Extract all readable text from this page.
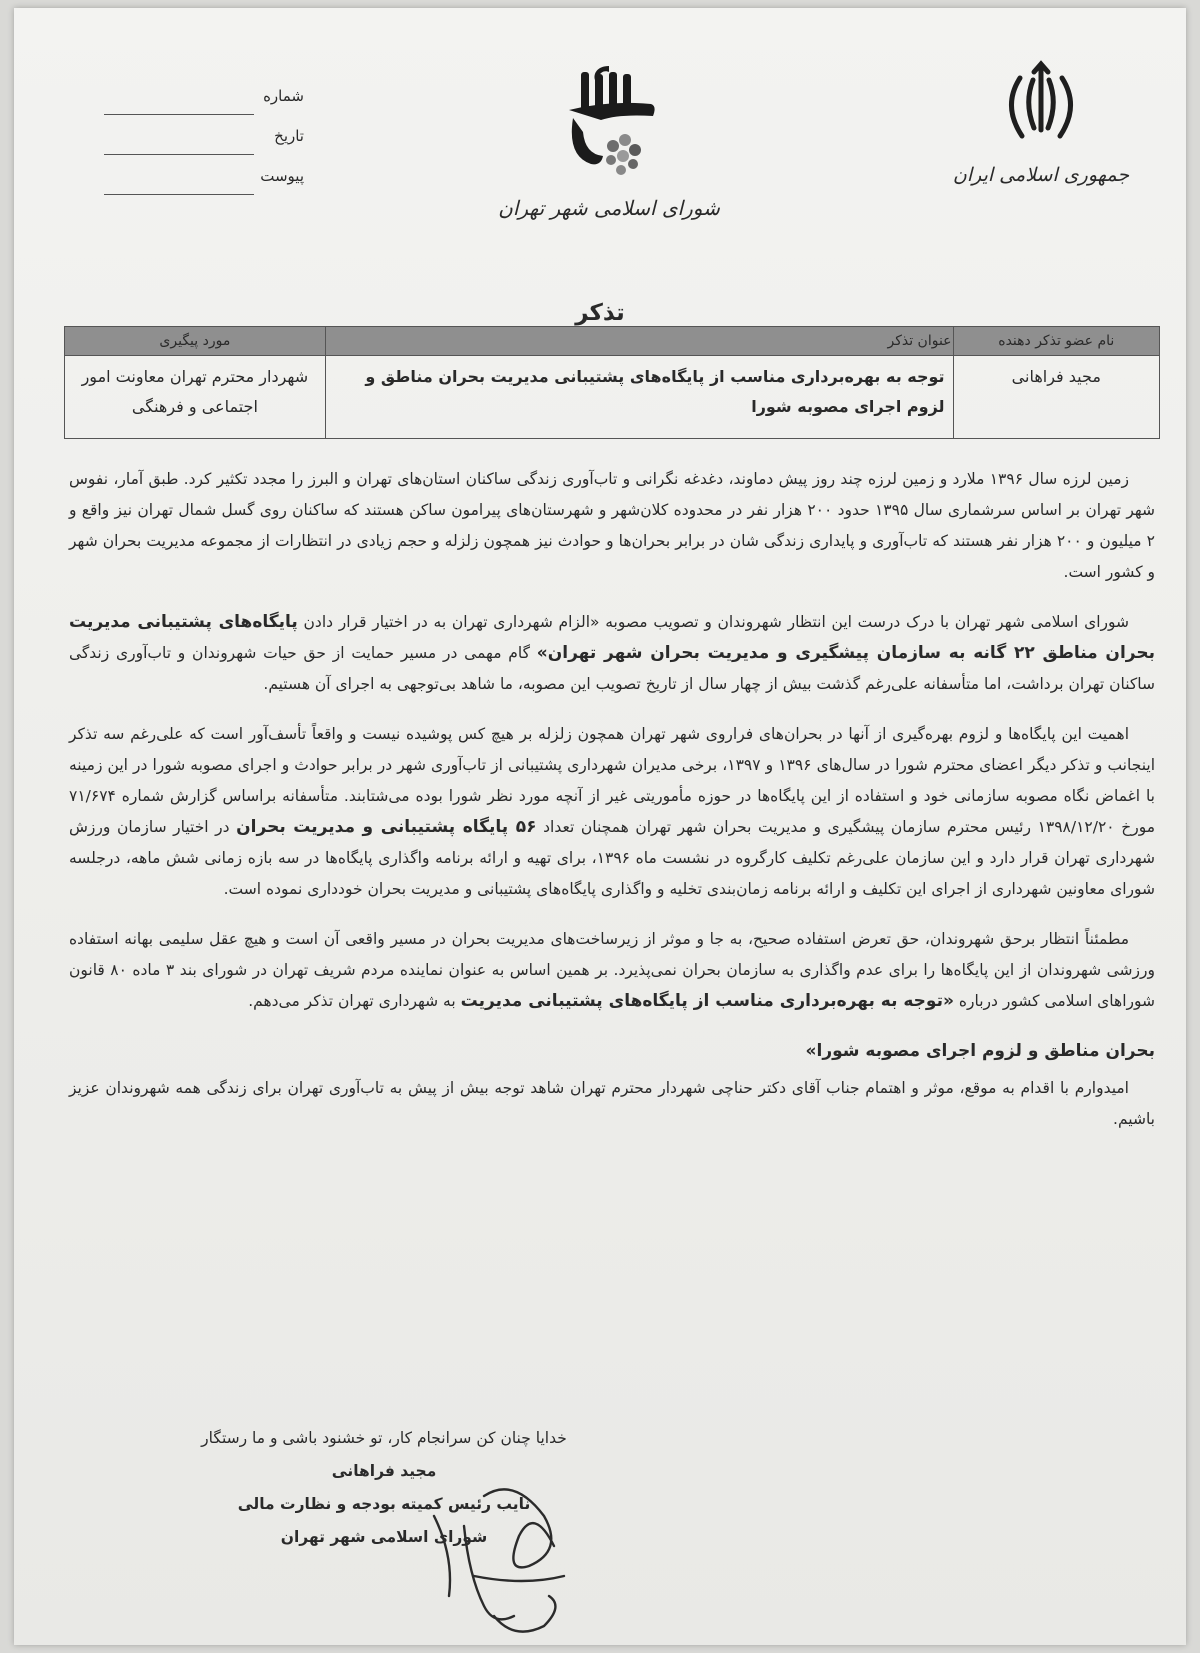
جمهوری اسلامی ایران
شورای اسلامی شهر تهران
شماره
تاریخ
پیوست
تذکر
نام عضو تذکر دهنده	عنوان تذکر	مورد پیگیری
مجید فراهانی	توجه به بهره‌برداری مناسب از پایگاه‌های پشتیبانی مدیریت بحران مناطق و لزوم اجرای مصوبه شورا	شهردار محترم تهران معاونت امور اجتماعی و فرهنگی

زمین لرزه سال ۱۳۹۶ ملارد و زمین لرزه چند روز پیش دماوند، دغدغه نگرانی و تاب‌آوری زندگی ساکنان استان‌های تهران و البرز را مجدد تکثیر کرد. طبق آمار، نفوس شهر تهران بر اساس سرشماری سال ۱۳۹۵ حدود ۲۰۰ هزار نفر در محدوده کلان‌شهر و شهرستان‌های پیرامون ساکن هستند که ساکنان روی گسل شمال تهران نیز واقع و ۲ میلیون و ۲۰۰ هزار نفر هستند که تاب‌آوری و پایداری زندگی شان در برابر بحران‌ها و حوادث نیز همچون زلزله و حجم زیادی در انتظارات از مجموعه مدیریت بحران شهر و کشور است.

شورای اسلامی شهر تهران با درک درست این انتظار شهروندان و تصویب مصوبه «الزام شهرداری تهران به در اختیار قرار دادن پایگاه‌های پشتیبانی مدیریت بحران مناطق ۲۲ گانه به سازمان پیشگیری و مدیریت بحران شهر تهران» گام مهمی در مسیر حمایت از حق حیات شهروندان و تاب‌آوری زندگی ساکنان تهران برداشت، اما متأسفانه علی‌رغم گذشت بیش از چهار سال از تاریخ تصویب این مصوبه، ما شاهد بی‌توجهی به اجرای آن هستیم.

اهمیت این پایگاه‌ها و لزوم بهره‌گیری از آنها در بحران‌های فراروی شهر تهران همچون زلزله بر هیچ کس پوشیده نیست و واقعاً تأسف‌آور است که علی‌رغم سه تذکر اینجانب و تذکر دیگر اعضای محترم شورا در سال‌های ۱۳۹۶ و ۱۳۹۷، برخی مدیران شهرداری پشتیبانی از تاب‌آوری شهر در برابر حوادث و اجرای مصوبه شورا در این زمینه با اغماض نگاه مصوبه سازمانی خود و استفاده از این پایگاه‌ها در حوزه مأموریتی غیر از آنچه مورد نظر شورا بوده می‌شتابند. متأسفانه براساس گزارش شماره ۷۱/۶۷۴ مورخ ۱۳۹۸/۱۲/۲۰ رئیس محترم سازمان پیشگیری و مدیریت بحران شهر تهران همچنان تعداد ۵۶ پایگاه پشتیبانی و مدیریت بحران در اختیار سازمان ورزش شهرداری تهران قرار دارد و این سازمان علی‌رغم تکلیف کارگروه در نشست ماه ۱۳۹۶، برای تهیه و ارائه برنامه واگذاری پایگاه‌ها در سه بازه زمانی شش ماهه، درجلسه شورای معاونین شهرداری از اجرای این تکلیف و ارائه برنامه زمان‌بندی تخلیه و واگذاری پایگاه‌های پشتیبانی و مدیریت بحران خودداری نموده است.

مطمئناً انتظار برحق شهروندان، حق تعرض استفاده صحیح، به جا و موثر از زیرساخت‌های مدیریت بحران در مسیر واقعی آن است و هیچ عقل سلیمی بهانه استفاده ورزشی شهروندان از این پایگاه‌ها را برای عدم واگذاری به سازمان بحران نمی‌پذیرد. بر همین اساس به عنوان نماینده مردم شریف تهران در شورای بند ۳ ماده ۸۰ قانون شوراهای اسلامی کشور درباره «توجه به بهره‌برداری مناسب از پایگاه‌های پشتیبانی مدیریت به شهرداری تهران تذکر می‌دهم.

بحران مناطق و لزوم اجرای مصوبه شورا»

امیدوارم با اقدام به موقع، موثر و اهتمام جناب آقای دکتر حناچی شهردار محترم تهران شاهد توجه بیش از پیش به تاب‌آوری تهران برای زندگی همه شهروندان عزیز باشیم.

خدایا چنان کن سرانجام کار، تو خشنود باشی و ما رستگار
مجید فراهانی
نایب رئیس کمیته بودجه و نظارت مالی
شورای اسلامی شهر تهران
